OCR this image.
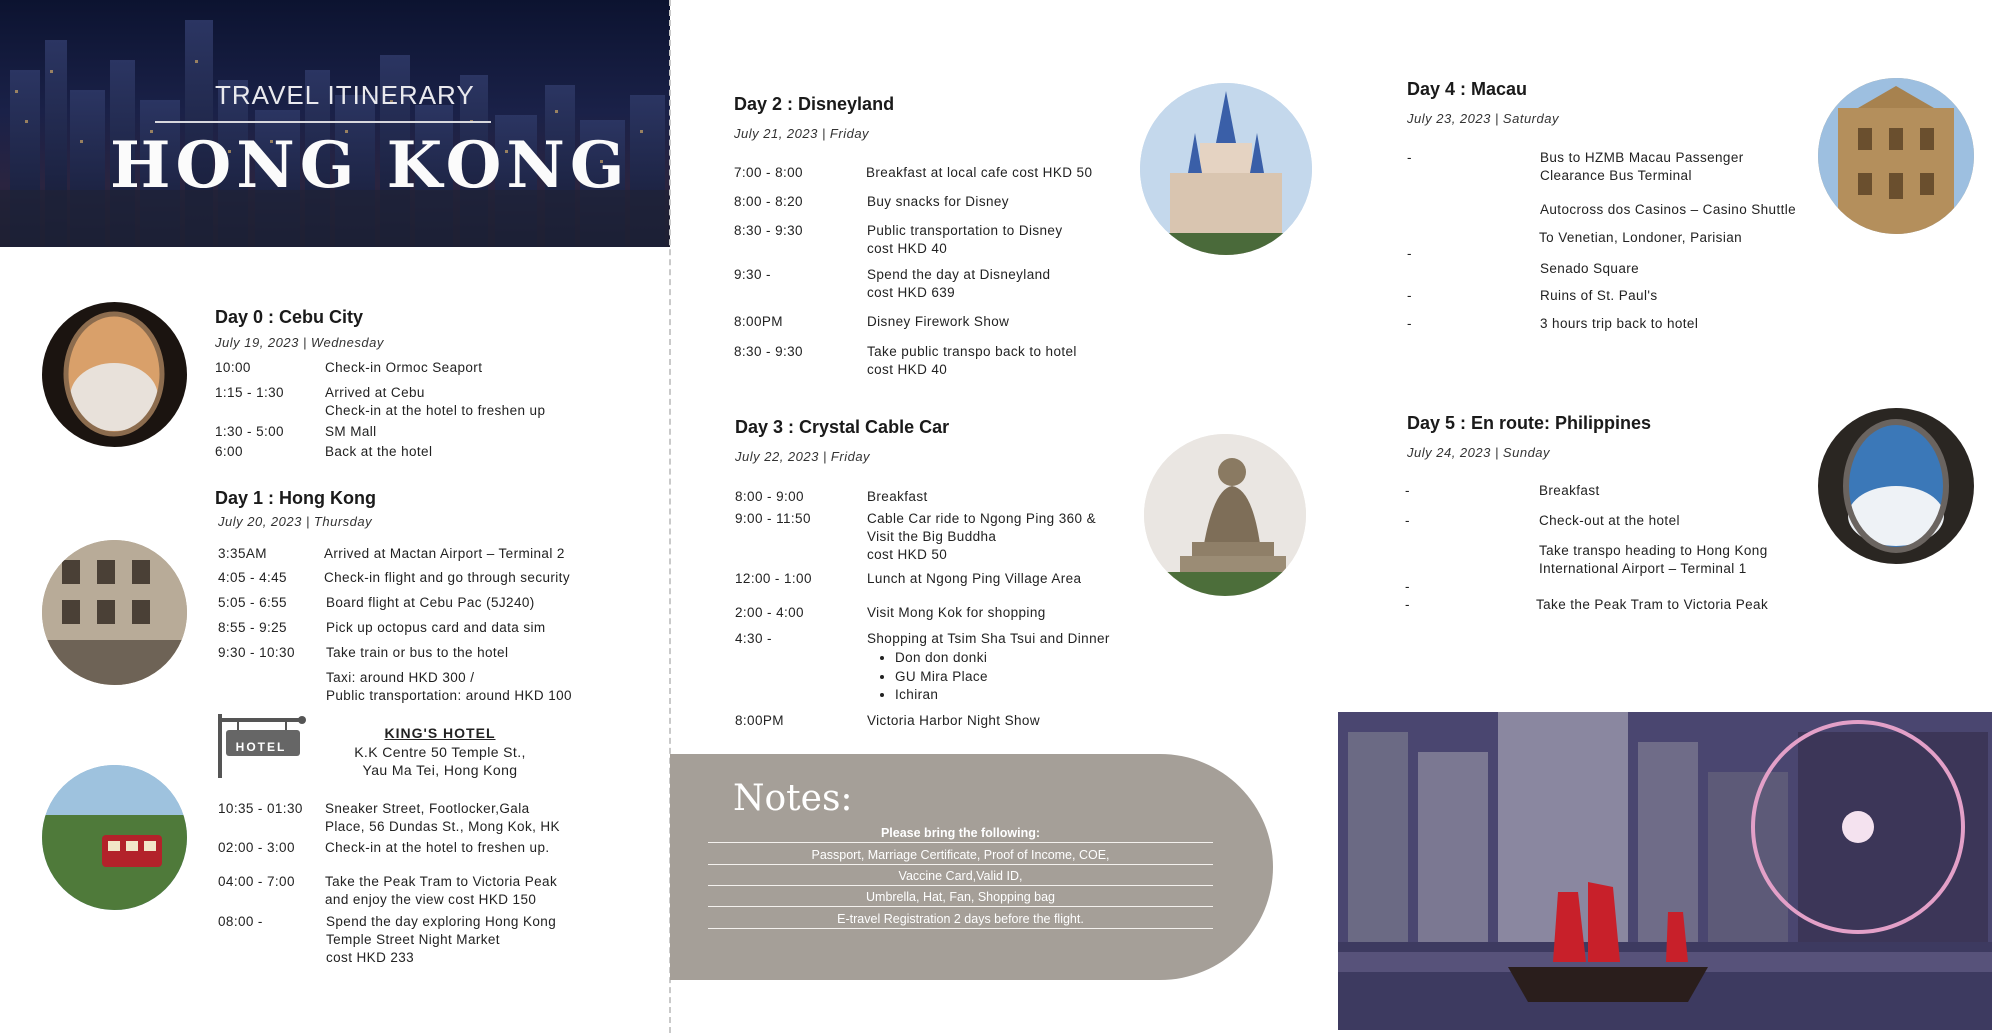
TRAVEL ITINERARY
HONG KONG
Day 0 : Cebu City
July 19, 2023 | Wednesday
10:00	Check-in Ormoc Seaport
1:15 - 1:30	Arrived at Cebu
Check-in at the hotel to freshen up
1:30 - 5:00	SM Mall
6:00	Back at the hotel
Day 1 : Hong Kong
July 20, 2023 | Thursday
3:35AM	Arrived at Mactan Airport – Terminal 2
4:05 - 4:45	Check-in flight and go through security
5:05 - 6:55	Board flight at Cebu Pac (5J240)
8:55 - 9:25	Pick up octopus card and data sim
9:30 - 10:30 Take train or bus to the hotel
Taxi: around HKD 300 /
Public transportation: around HKD 100
HOTEL
KING'S HOTEL
K.K Centre 50 Temple St.,
Yau Ma Tei, Hong Kong
10:35 - 01:30 Sneaker Street, Footlocker,Gala
Place, 56 Dundas St., Mong Kok, HK
02:00 - 3:00 Check-in at the hotel to freshen up.
04:00 - 7:00 Take the Peak Tram to Victoria Peak
and enjoy the view cost HKD 150
08:00 -	Spend the day exploring Hong Kong
Temple Street Night Market
cost HKD 233
Day 2 : Disneyland
July 21, 2023 | Friday
7:00 - 8:00	Breakfast at local cafe cost HKD 50
8:00 - 8:20	Buy snacks for Disney
8:30 - 9:30	Public transportation to Disney
cost HKD 40
9:30 -	Spend the day at Disneyland
cost HKD 639
8:00PM	Disney Firework Show
8:30 - 9:30	Take public transpo back to hotel
cost HKD 40
Day 3 : Crystal Cable Car
July 22, 2023 | Friday
8:00 - 9:00	Breakfast
9:00 - 11:50	Cable Car ride to Ngong Ping 360 &
Visit the Big Buddha
cost HKD 50
12:00 - 1:00	Lunch at Ngong Ping Village Area
2:00 - 4:00	Visit Mong Kok for shopping
4:30 -	Shopping at Tsim Sha Tsui and Dinner
• Don don donki
• GU Mira Place
• Ichiran
8:00PM	Victoria Harbor Night Show
Notes:
Please bring the following:
Passport, Marriage Certificate, Proof of Income, COE,
Vaccine Card,Valid ID,
Umbrella, Hat, Fan, Shopping bag
E-travel Registration 2 days before the flight.
Day 4 : Macau
July 23, 2023 | Saturday
-	Bus to HZMB Macau Passenger
Clearance Bus Terminal
Autocross dos Casinos – Casino Shuttle
To Venetian, Londoner, Parisian
-
Senado Square
-	Ruins of St. Paul's
-	3 hours trip back to hotel
Day 5 : En route: Philippines
July 24, 2023 | Sunday
-	Breakfast
-	Check-out at the hotel
Take transpo heading to Hong Kong
International Airport – Terminal 1
-
-	Take the Peak Tram to Victoria Peak
